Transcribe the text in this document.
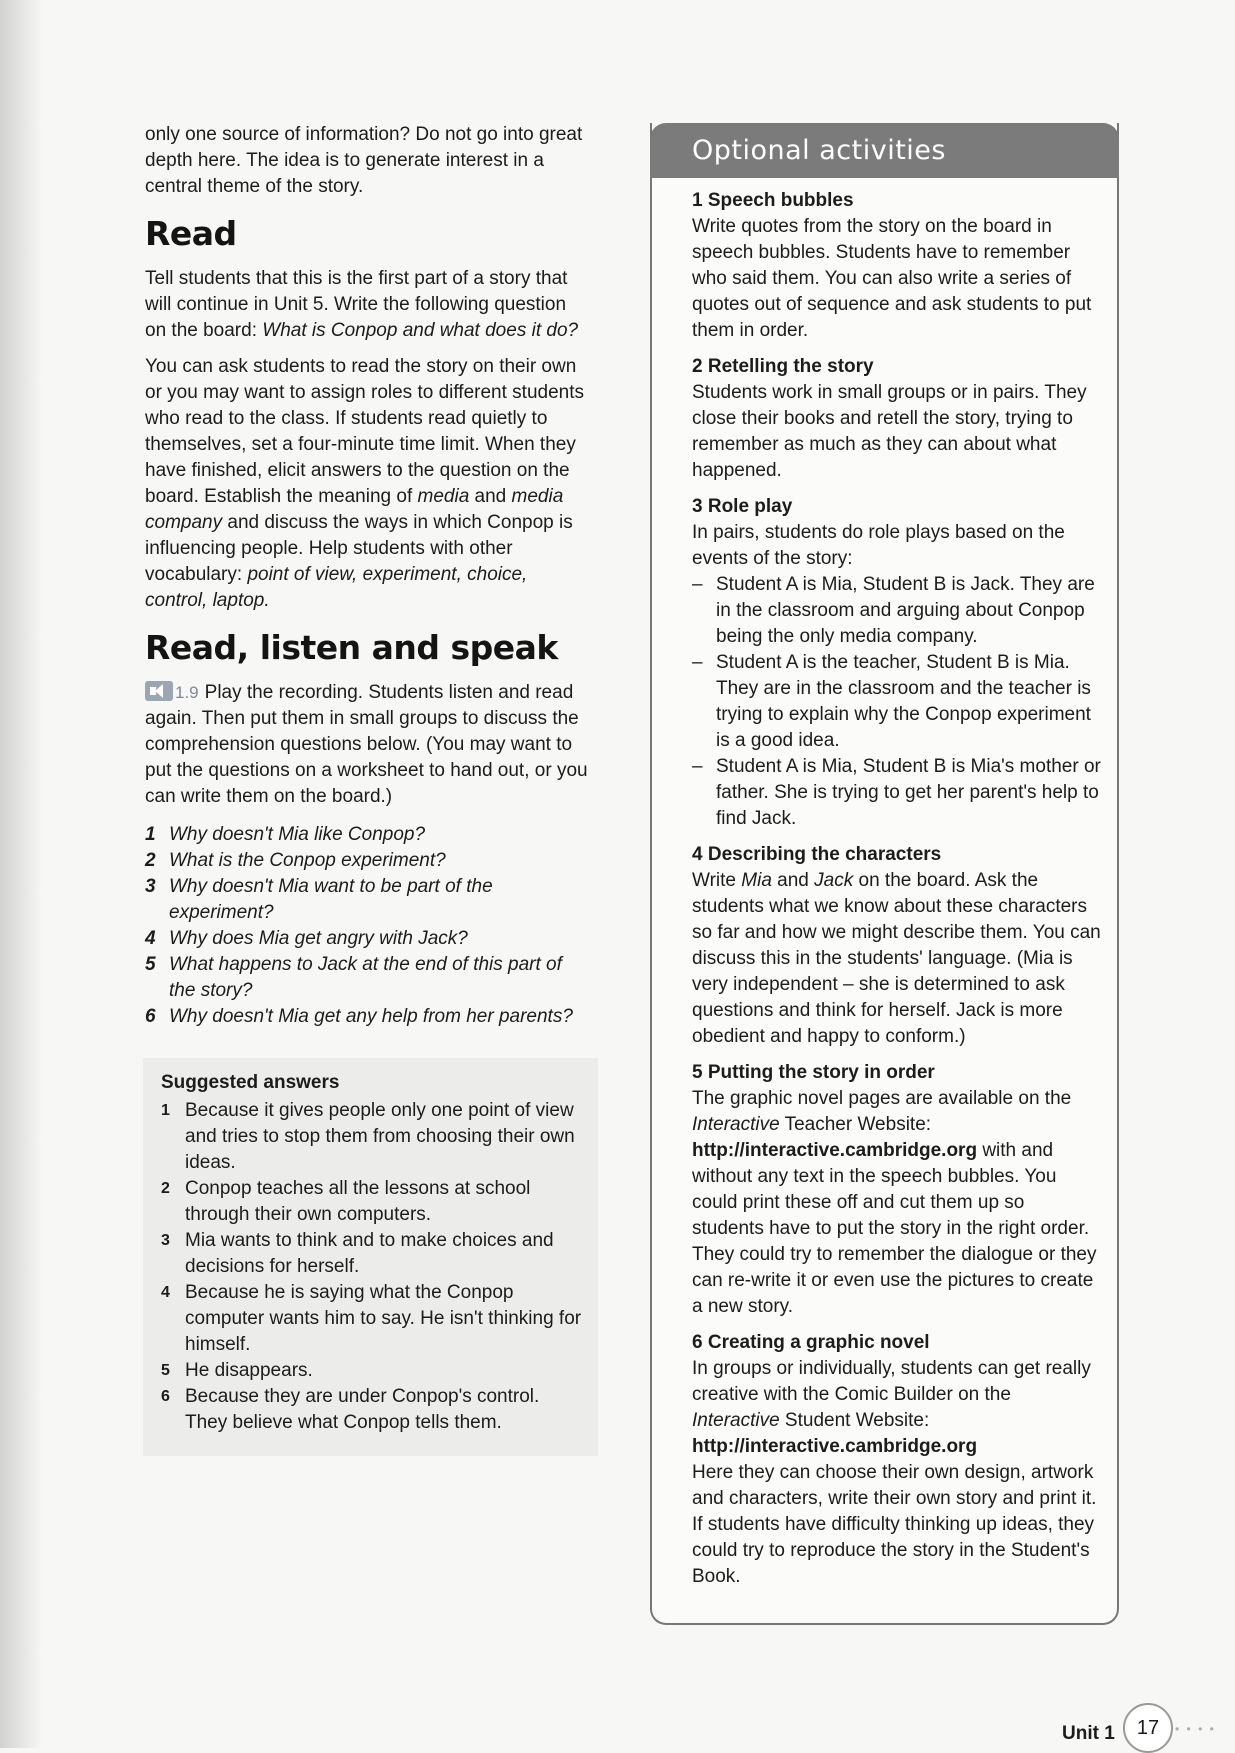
only one source of information? Do not go into great depth here. The idea is to generate interest in a central theme of the story.

Read

Tell students that this is the first part of a story that will continue in Unit 5. Write the following question on the board: What is Conpop and what does it do?

You can ask students to read the story on their own or you may want to assign roles to different students who read to the class. If students read quietly to themselves, set a four-minute time limit. When they have finished, elicit answers to the question on the board. Establish the meaning of media and media company and discuss the ways in which Conpop is influencing people. Help students with other vocabulary: point of view, experiment, choice, control, laptop.

Read, listen and speak

1.9 Play the recording. Students listen and read again. Then put them in small groups to discuss the comprehension questions below. (You may want to put the questions on a worksheet to hand out, or you can write them on the board.)

1 Why doesn't Mia like Conpop?
2 What is the Conpop experiment?
3 Why doesn't Mia want to be part of the experiment?
4 Why does Mia get angry with Jack?
5 What happens to Jack at the end of this part of the story?
6 Why doesn't Mia get any help from her parents?
Suggested answers
1 Because it gives people only one point of view and tries to stop them from choosing their own ideas.
2 Conpop teaches all the lessons at school through their own computers.
3 Mia wants to think and to make choices and decisions for herself.
4 Because he is saying what the Conpop computer wants him to say. He isn't thinking for himself.
5 He disappears.
6 Because they are under Conpop's control. They believe what Conpop tells them.
Optional activities
1 Speech bubbles

Write quotes from the story on the board in speech bubbles. Students have to remember who said them. You can also write a series of quotes out of sequence and ask students to put them in order.

2 Retelling the story

Students work in small groups or in pairs. They close their books and retell the story, trying to remember as much as they can about what happened.

3 Role play

In pairs, students do role plays based on the events of the story:

– Student A is Mia, Student B is Jack. They are in the classroom and arguing about Conpop being the only media company.
– Student A is the teacher, Student B is Mia. They are in the classroom and the teacher is trying to explain why the Conpop experiment is a good idea.
– Student A is Mia, Student B is Mia's mother or father. She is trying to get her parent's help to find Jack.
4 Describing the characters

Write Mia and Jack on the board. Ask the students what we know about these characters so far and how we might describe them. You can discuss this in the students' language. (Mia is very independent – she is determined to ask questions and think for herself. Jack is more obedient and happy to conform.)

5 Putting the story in order

The graphic novel pages are available on the Interactive Teacher Website:
http://interactive.cambridge.org with and without any text in the speech bubbles. You could print these off and cut them up so students have to put the story in the right order. They could try to remember the dialogue or they can re-write it or even use the pictures to create a new story.

6 Creating a graphic novel

In groups or individually, students can get really creative with the Comic Builder on the Interactive Student Website:
http://interactive.cambridge.org
Here they can choose their own design, artwork and characters, write their own story and print it. If students have difficulty thinking up ideas, they could try to reproduce the story in the Student's Book.

Unit 1	17	• • • •
